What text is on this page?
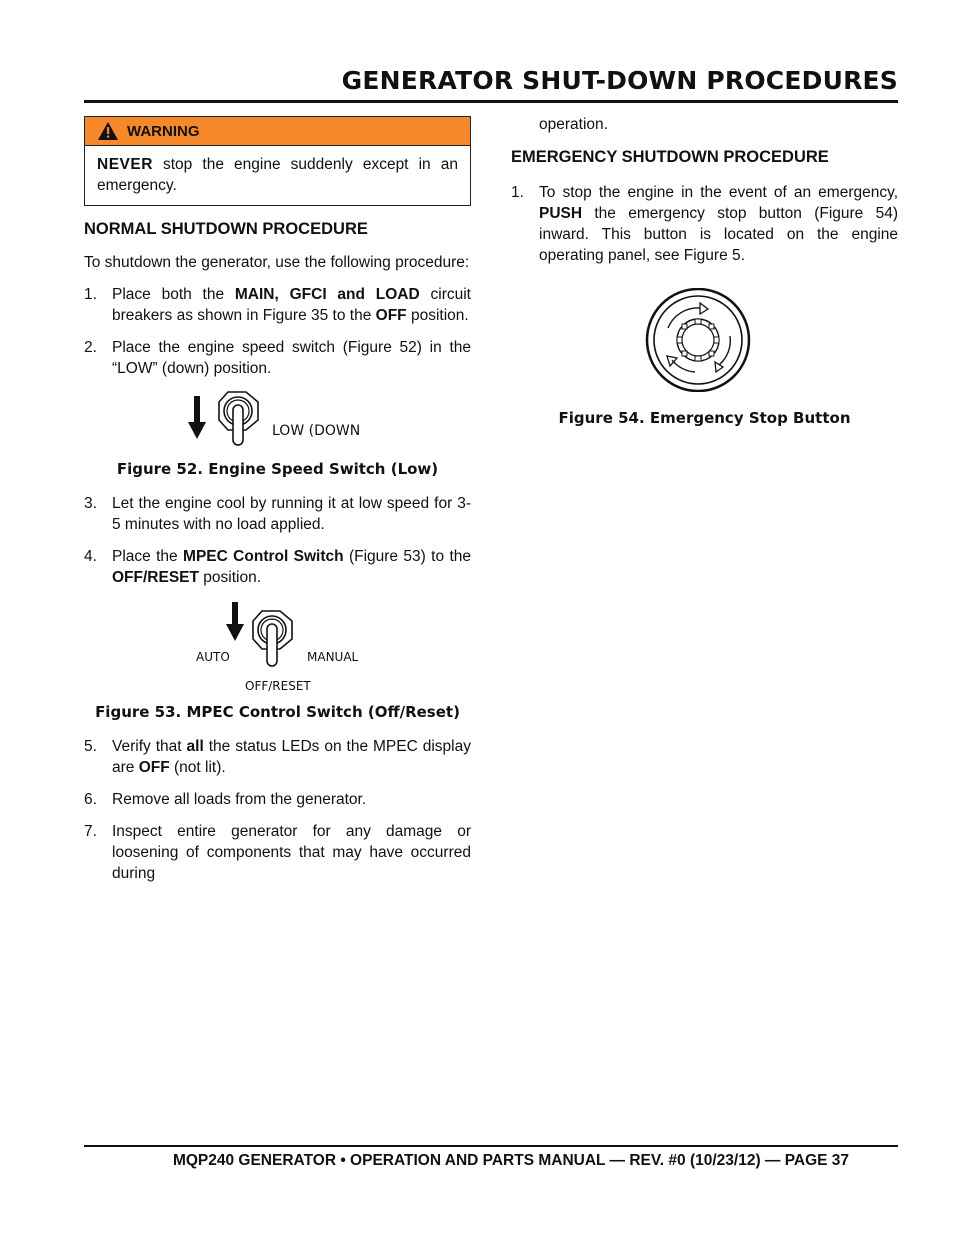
GENERATOR SHUT-DOWN PROCEDURES
WARNING
NEVER stop the engine suddenly except in an emergency.
NORMAL SHUTDOWN PROCEDURE

To shutdown the generator, use the following procedure:

1. Place both the MAIN, GFCI and LOAD circuit breakers as shown in Figure 35 to the OFF position.
2. Place the engine speed switch (Figure 52) in the “LOW” (down) position.
LOW (DOWN
Figure 52. Engine Speed Switch (Low)
3. Let the engine cool by running it at low speed for 3-5 minutes with no load applied.
4. Place the MPEC Control Switch (Figure 53) to the OFF/RESET position.
AUTO	MANUAL
OFF/RESET
Figure 53. MPEC Control Switch (Off/Reset)
5. Verify that all the status LEDs on the MPEC display are OFF (not lit).
6. Remove all loads from the generator.
7. Inspect entire generator for any damage or loosening of components that may have occurred during
operation.
EMERGENCY SHUTDOWN PROCEDURE
1. To stop the engine in the event of an emergency, PUSH the emergency stop button (Figure 54) inward. This button is located on the engine operating panel, see Figure 5.
Figure 54. Emergency Stop Button
MQP240 GENERATOR • OPERATION AND PARTS MANUAL — REV. #0 (10/23/12) — PAGE 37
